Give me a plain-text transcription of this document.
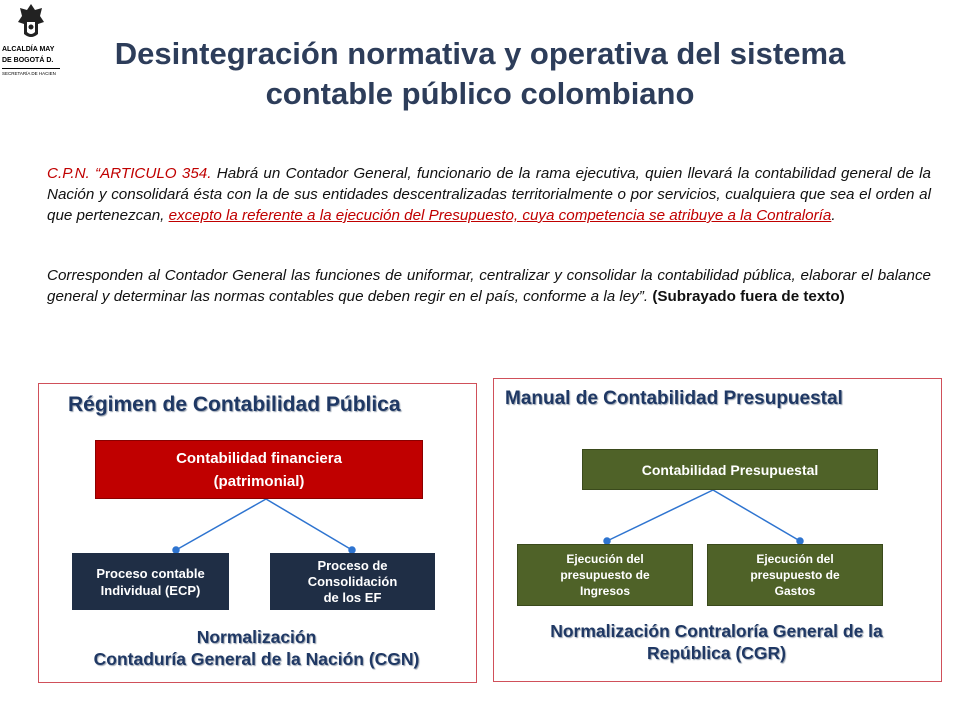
ALCALDÍA MAY
DE BOGOTÁ D.
SECRETARÍA DE HACIEN
Desintegración normativa y operativa del sistema contable público colombiano
C.P.N. “ARTICULO 354. Habrá un Contador General, funcionario de la rama ejecutiva, quien llevará la contabilidad general de la Nación y consolidará ésta con la de sus entidades descentralizadas territorialmente o por servicios, cualquiera que sea el orden al que pertenezcan, excepto la referente a la ejecución del Presupuesto, cuya competencia se atribuye a la Contraloría.
Corresponden al Contador General las funciones de uniformar, centralizar y consolidar la contabilidad pública, elaborar el balance general y determinar las normas contables que deben regir en el país, conforme a la ley”. (Subrayado fuera de texto)
Régimen de Contabilidad Pública
Contabilidad financiera
(patrimonial)
Proceso contable
Individual (ECP)
Proceso de
Consolidación
de los EF
Normalización
Contaduría General de la Nación (CGN)
Manual de Contabilidad Presupuestal
Contabilidad Presupuestal
Ejecución del
presupuesto de
Ingresos
Ejecución del
presupuesto de
Gastos
Normalización Contraloría General de la
República (CGR)
